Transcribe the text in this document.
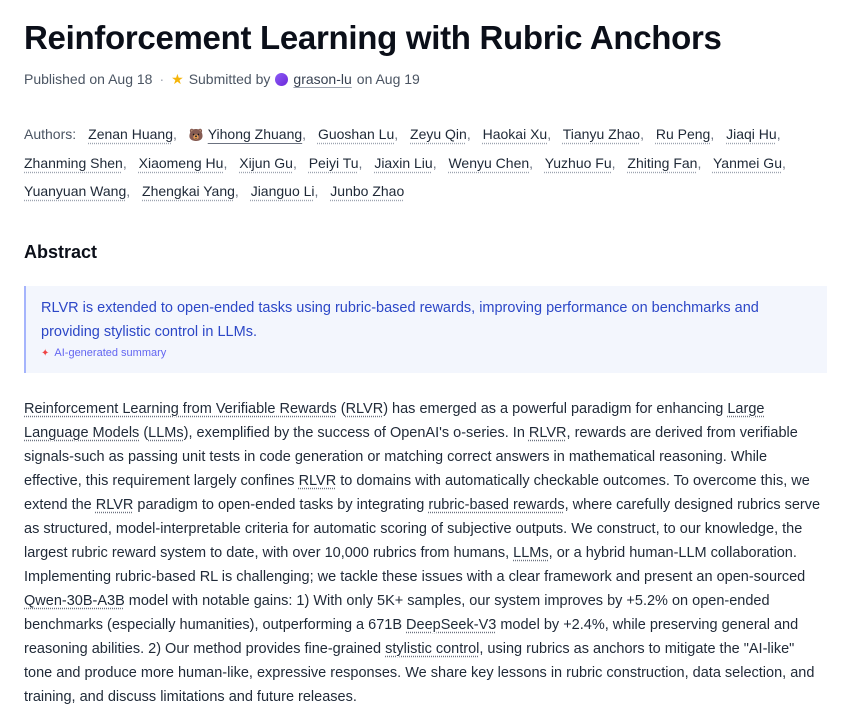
Reinforcement Learning with Rubric Anchors
Published on Aug 18 · ★ Submitted by grason-lu on Aug 19
Authors: Zenan Huang, 🐻 Yihong Zhuang, Guoshan Lu, Zeyu Qin, Haokai Xu, Tianyu Zhao, Ru Peng, Jiaqi Hu, Zhanming Shen, Xiaomeng Hu, Xijun Gu, Peiyi Tu, Jiaxin Liu, Wenyu Chen, Yuzhuo Fu, Zhiting Fan, Yanmei Gu, Yuanyuan Wang, Zhengkai Yang, Jianguo Li, Junbo Zhao
Abstract
RLVR is extended to open-ended tasks using rubric-based rewards, improving performance on benchmarks and providing stylistic control in LLMs.
✦ AI-generated summary
Reinforcement Learning from Verifiable Rewards (RLVR) has emerged as a powerful paradigm for enhancing Large Language Models (LLMs), exemplified by the success of OpenAI's o-series. In RLVR, rewards are derived from verifiable signals-such as passing unit tests in code generation or matching correct answers in mathematical reasoning. While effective, this requirement largely confines RLVR to domains with automatically checkable outcomes. To overcome this, we extend the RLVR paradigm to open-ended tasks by integrating rubric-based rewards, where carefully designed rubrics serve as structured, model-interpretable criteria for automatic scoring of subjective outputs. We construct, to our knowledge, the largest rubric reward system to date, with over 10,000 rubrics from humans, LLMs, or a hybrid human-LLM collaboration. Implementing rubric-based RL is challenging; we tackle these issues with a clear framework and present an open-sourced Qwen-30B-A3B model with notable gains: 1) With only 5K+ samples, our system improves by +5.2% on open-ended benchmarks (especially humanities), outperforming a 671B DeepSeek-V3 model by +2.4%, while preserving general and reasoning abilities. 2) Our method provides fine-grained stylistic control, using rubrics as anchors to mitigate the "AI-like" tone and produce more human-like, expressive responses. We share key lessons in rubric construction, data selection, and training, and discuss limitations and future releases.
